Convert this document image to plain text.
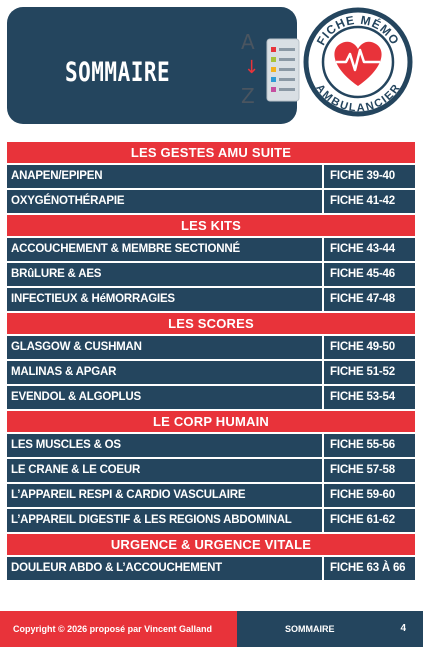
SOMMAIRE
A
↓
Z
FICHE MÉMO
AMBULANCIER
LES GESTES AMU SUITE
ANAPEN/EPIPEN	FICHE 39-40
OXYGÉNOTHÉRAPIE	FICHE 41-42
LES KITS
ACCOUCHEMENT & MEMBRE SECTIONNÉ	FICHE 43-44
BRûLURE & AES	FICHE 45-46
INFECTIEUX & HéMORRAGIES	FICHE 47-48
LES SCORES
GLASGOW & CUSHMAN	FICHE 49-50
MALINAS & APGAR	FICHE 51-52
EVENDOL & ALGOPLUS	FICHE 53-54
LE CORP HUMAIN
LES MUSCLES & OS	FICHE 55-56
LE CRANE & LE COEUR	FICHE 57-58
L’APPAREIL RESPI & CARDIO VASCULAIRE	FICHE 59-60
L’APPAREIL DIGESTIF & LES REGIONS ABDOMINAL	FICHE 61-62
URGENCE & URGENCE VITALE
DOULEUR ABDO & L’ACCOUCHEMENT	FICHE 63 À 66
Copyright © 2026 proposé par Vincent Galland	SOMMAIRE	4
